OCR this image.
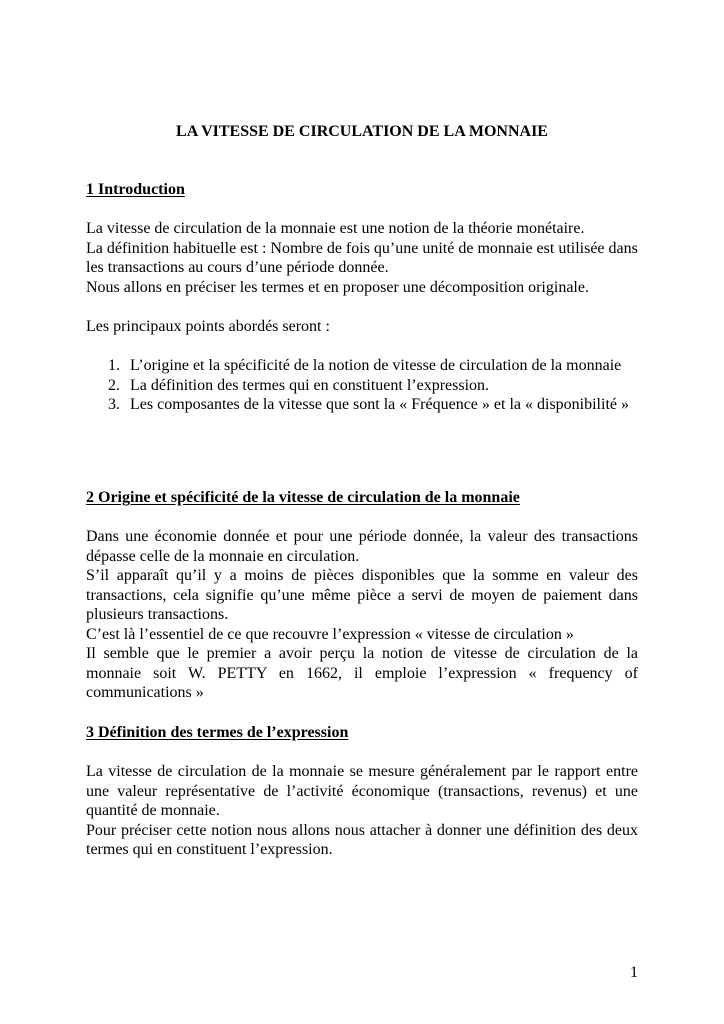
LA VITESSE DE CIRCULATION DE LA MONNAIE
1 Introduction

La vitesse de circulation de la monnaie est une notion de la théorie monétaire.

La définition habituelle est : Nombre de fois qu’une unité de monnaie est utilisée dans les transactions au cours d’une période donnée.

Nous allons en préciser les termes et en proposer une décomposition originale.

Les principaux points abordés seront :

1. L’origine et la spécificité de la notion de vitesse de circulation de la monnaie
2. La définition des termes qui en constituent l’expression.
3. Les composantes de la vitesse que sont la « Fréquence » et la « disponibilité »
2 Origine et spécificité de la vitesse de circulation de la monnaie

Dans une économie donnée et pour une période donnée, la valeur des transactions dépasse celle de la monnaie en circulation.

S’il apparaît qu’il y a moins de pièces disponibles que la somme en valeur des transactions, cela signifie qu’une même pièce a servi de moyen de paiement dans plusieurs transactions.

C’est là l’essentiel de ce que recouvre l’expression « vitesse de circulation »

Il semble que le premier a avoir perçu la notion de vitesse de circulation de la monnaie soit W. PETTY en 1662, il emploie l’expression « frequency of communications »

3 Définition des termes de l’expression

La vitesse de circulation de la monnaie se mesure généralement par le rapport entre une valeur représentative de l’activité économique (transactions, revenus) et une quantité de monnaie.

Pour préciser cette notion nous allons nous attacher à donner une définition des deux termes qui en constituent l’expression.

1
